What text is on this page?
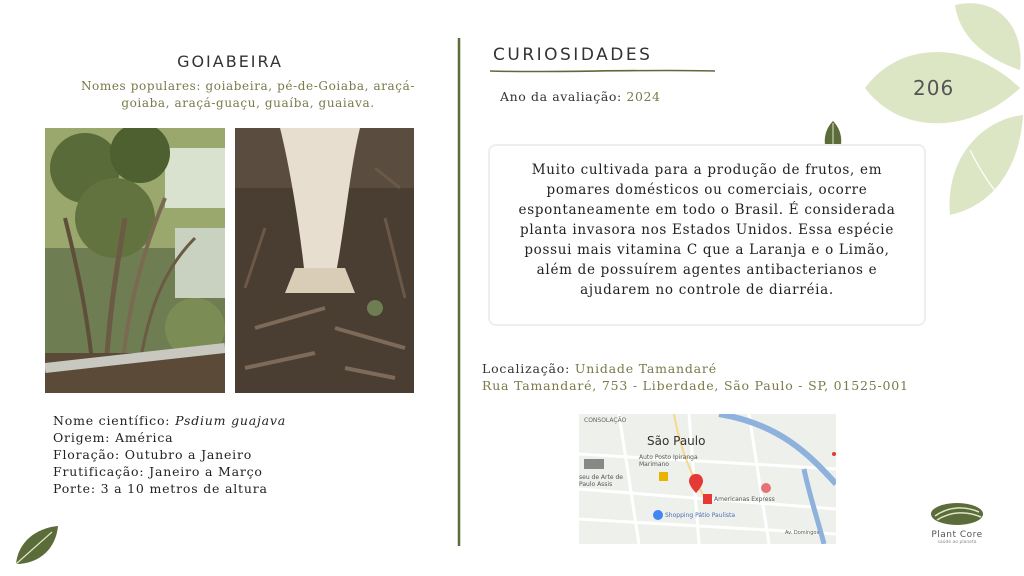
206
GOIABEIRA
Nomes populares: goiabeira, pé-de-Goiaba, araçá-goiaba, araçá-guaçu, guaíba, guaiava.
Nome científico: Psdium guajava
Origem: América
Floração: Outubro a Janeiro
Frutificação: Janeiro a Março
Porte: 3 a 10 metros de altura
CURIOSIDADES
Ano da avaliação: 2024
Muito cultivada para a produção de frutos, em pomares domésticos ou comerciais, ocorre espontaneamente em todo o Brasil. É considerada planta invasora nos Estados Unidos. Essa espécie possui mais vitamina C que a Laranja e o Limão, além de possuírem agentes antibacterianos e ajudarem no controle de diarréia.
Localização: Unidade Tamandaré
Rua Tamandaré, 753 - Liberdade, São Paulo - SP, 01525-001
CONSOLAÇÃO
São Paulo
Auto Posto Ipiranga Marimano
seu de Arte de Paulo Assis
Americanas Express
Shopping Pátio Paulista
Av. Domingos	Plant Core
saúde ao planeta
